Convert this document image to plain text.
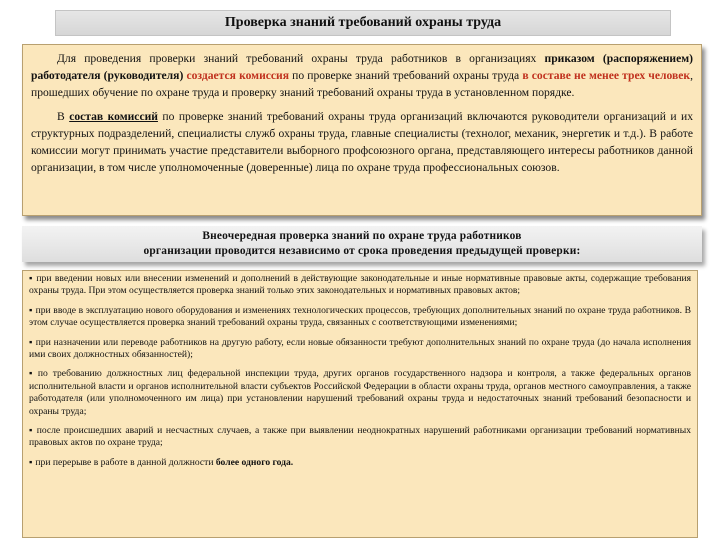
Проверка знаний требований охраны труда

Для проведения проверки знаний требований охраны труда работников в организациях приказом (распоряжением) работодателя (руководителя) создается комиссия по проверке знаний требований охраны труда в составе не менее трех человек, прошедших обучение по охране труда и проверку знаний требований охраны труда в установленном порядке.

В состав комиссий по проверке знаний требований охраны труда организаций включаются руководители организаций и их структурных подразделений, специалисты служб охраны труда, главные специалисты (технолог, механик, энергетик и т.д.). В работе комиссии могут принимать участие представители выборного профсоюзного органа, представляющего интересы работников данной организации, в том числе уполномоченные (доверенные) лица по охране труда профессиональных союзов.

Внеочередная проверка знаний по охране труда работников
организации проводится независимо от срока проведения предыдущей проверки:

▪ при введении новых или внесении изменений и дополнений в действующие законодательные и иные нормативные правовые акты, содержащие требования охраны труда. При этом осуществляется проверка знаний только этих законодательных и нормативных правовых актов;

▪ при вводе в эксплуатацию нового оборудования и изменениях технологических процессов, требующих дополнительных знаний по охране труда работников. В этом случае осуществляется проверка знаний требований охраны труда, связанных с соответствующими изменениями;

▪ при назначении или переводе работников на другую работу, если новые обязанности требуют дополнительных знаний по охране труда (до начала исполнения ими своих должностных обязанностей);

▪ по требованию должностных лиц федеральной инспекции труда, других органов государственного надзора и контроля, а также федеральных органов исполнительной власти и органов исполнительной власти субъектов Российской Федерации в области охраны труда, органов местного самоуправления, а также работодателя (или уполномоченного им лица) при установлении нарушений требований охраны труда и недостаточных знаний требований безопасности и охраны труда;

▪ после происшедших аварий и несчастных случаев, а также при выявлении неоднократных нарушений работниками организации требований нормативных правовых актов по охране труда;

▪ при перерыве в работе в данной должности более одного года.
